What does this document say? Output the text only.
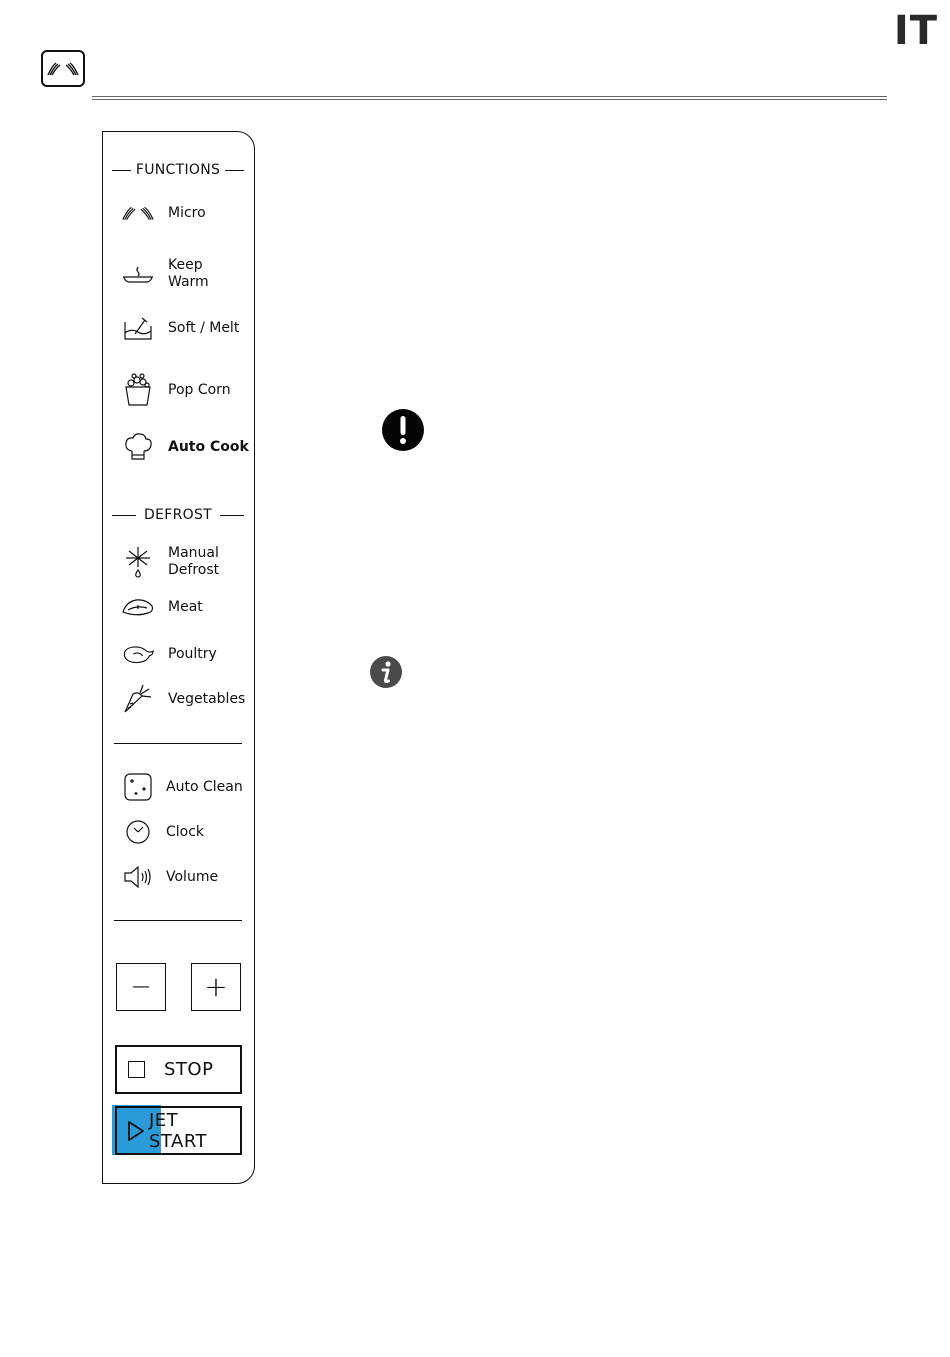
IT
FUNCTIONS
Micro
Keep
Warm
Soft / Melt
Pop Corn
Auto Cook
DEFROST
Manual
Defrost
Meat
Poultry
Vegetables
Auto Clean
Clock
Volume
− +
STOP
JET START
